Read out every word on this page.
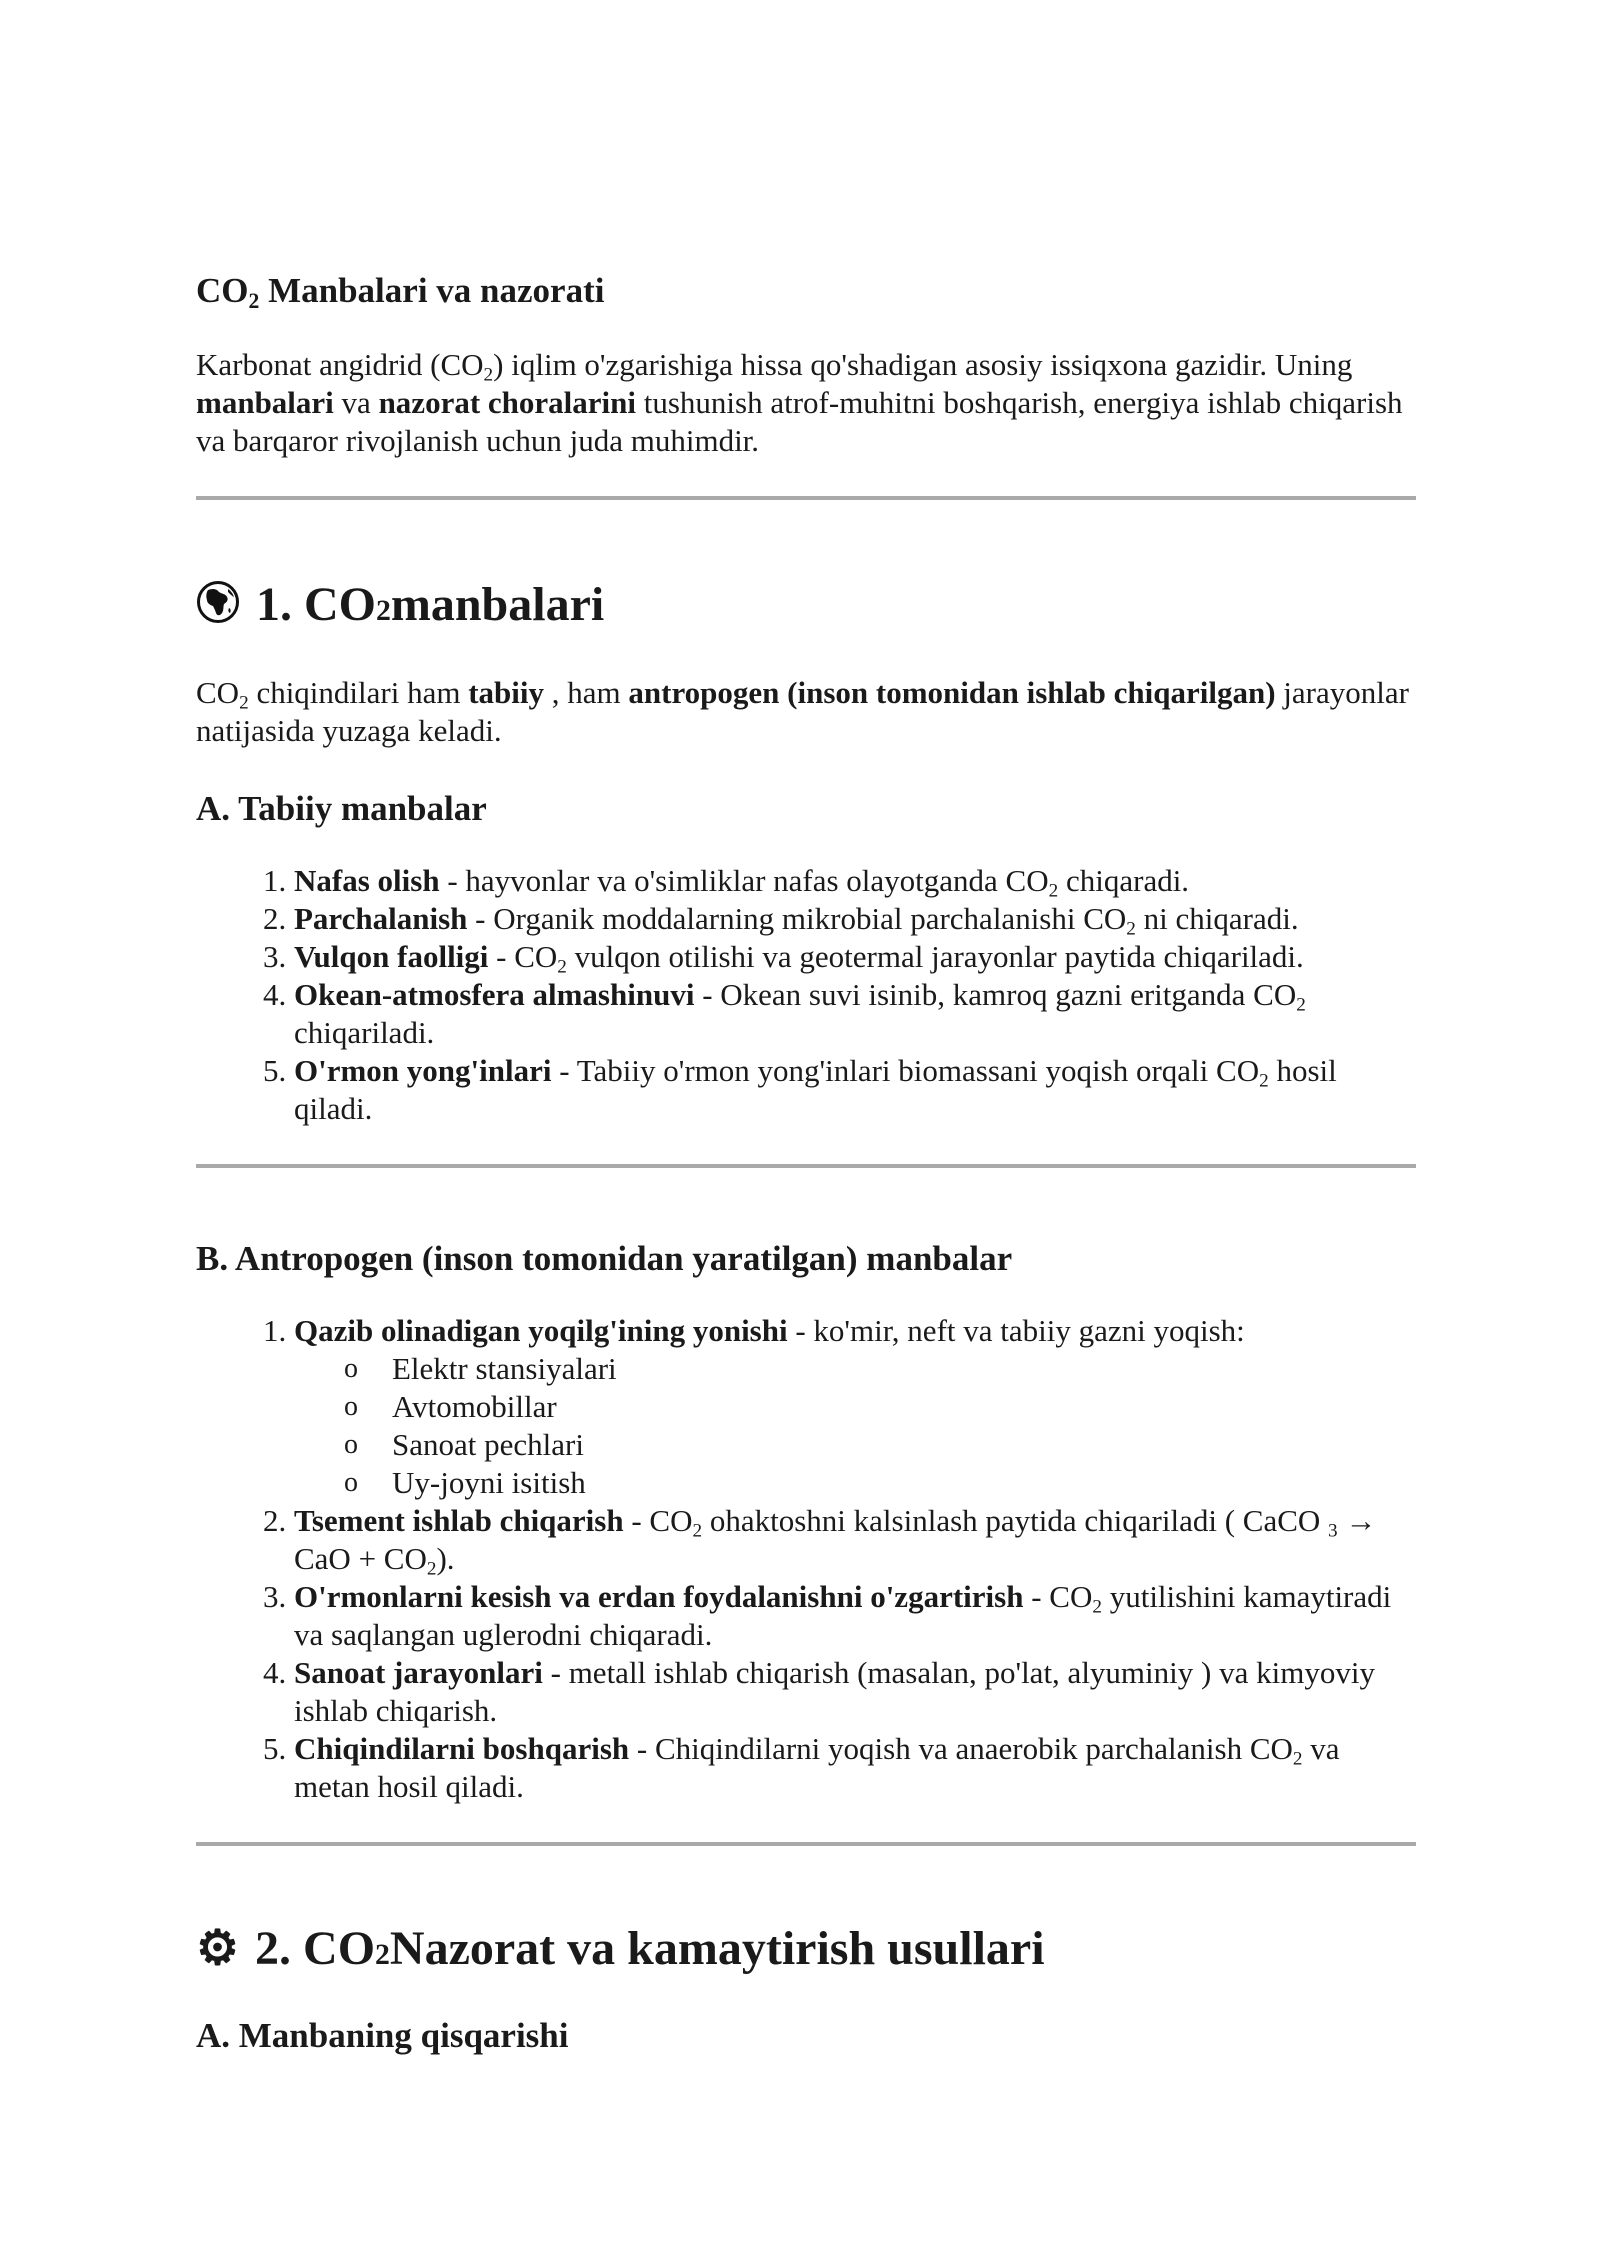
$CO_2$ Manbalari va nazorati

Karbonat angidrid $(CO_2)$ iqlim o'zgarishiga hissa qo'shadigan asosiy issiqxona gazidir. Uning manbalari va nazorat choralarini tushunish atrof-muhitni boshqarish, energiya ishlab chiqarish va barqaror rivojlanish uchun juda muhimdir.

1. CO 2 manbalari

$CO_2$ chiqindilari ham tabiiy , ham antropogen (inson tomonidan ishlab chiqarilgan) jarayonlar natijasida yuzaga keladi.

A. Tabiiy manbalar
1. Nafas olish - hayvonlar va o'simliklar nafas olayotganda $CO_2$ chiqaradi.
2. Parchalanish - Organik moddalarning mikrobial parchalanishi $CO_2$ ni chiqaradi.
3. Vulqon faolligi - $CO_2$ vulqon otilishi va geotermal jarayonlar paytida chiqariladi.
4. Okean-atmosfera almashinuvi - Okean suvi isinib, kamroq gazni eritganda $CO_2$ chiqariladi.
5. O'rmon yong'inlari - Tabiiy o'rmon yong'inlari biomassani yoqish orqali $CO_2$ hosil qiladi.
B. Antropogen (inson tomonidan yaratilgan) manbalar
1. Qazib olinadigan yoqilg'ining yonishi - ko'mir, neft va tabiiy gazni yoqish:
o Elektr stansiyalari
o Avtomobillar
o Sanoat pechlari
o Uy-joyni isitish
2. Tsement ishlab chiqarish - $CO_2$ ohaktoshni kalsinlash paytida chiqariladi ( CaCO $_3$ → CaO + $CO_2$).
3. O'rmonlarni kesish va erdan foydalanishni o'zgartirish - $CO_2$ yutilishini kamaytiradi va saqlangan uglerodni chiqaradi.
4. Sanoat jarayonlari - metall ishlab chiqarish (masalan, po'lat, alyuminiy ) va kimyoviy ishlab chiqarish.
5. Chiqindilarni boshqarish - Chiqindilarni yoqish va anaerobik parchalanish $CO_2$ va metan hosil qiladi.
⚙ 2. CO 2 Nazorat va kamaytirish usullari
A. Manbaning qisqarishi
